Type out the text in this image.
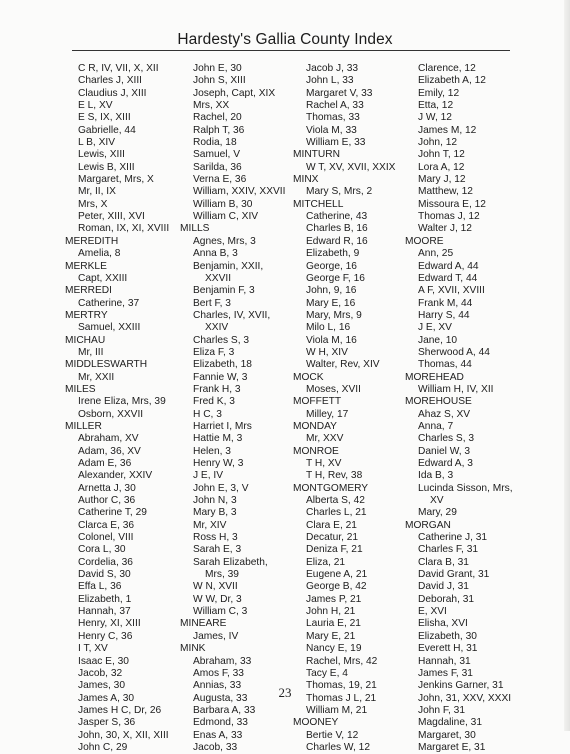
Hardesty's Gallia County Index
C R, IV, VII, X, XII
Charles J, XIII
Claudius J, XIII
E L, XV
E S, IX, XIII
Gabrielle, 44
L B, XIV
Lewis, XIII
Lewis B, XIII
Margaret, Mrs, X
Mr, II, IX
Mrs, X
Peter, XIII, XVI
Roman, IX, XI, XVIII
MEREDITH
Amelia, 8
MERKLE
Capt, XXIII
MERREDI
Catherine, 37
MERTRY
Samuel, XXIII
MICHAU
Mr, III
MIDDLESWARTH
Mr, XXII
MILES
Irene Eliza, Mrs, 39
Osborn, XXVII
MILLER
Abraham, XV
Adam, 36, XV
Adam E, 36
Alexander, XXIV
Arnetta J, 30
Author C, 36
Catherine T, 29
Clarca E, 36
Colonel, VIII
Cora L, 30
Cordelia, 36
David S, 30
Effa L, 36
Elizabeth, 1
Hannah, 37
Henry, XI, XIII
Henry C, 36
I T, XV
Isaac E, 30
Jacob, 32
James, 30
James A, 30
James H C, Dr, 26
Jasper S, 36
John, 30, X, XII, XIII
John C, 29
John E, 30
John S, XIII
Joseph, Capt, XIX
Mrs, XX
Rachel, 20
Ralph T, 36
Rodia, 18
Samuel, V
Sarilda, 36
Verna E, 36
William, XXIV, XXVII
William B, 30
William C, XIV
MILLS
Agnes, Mrs, 3
Anna B, 3
Benjamin, XXII,
XXVII
Benjamin F, 3
Bert F, 3
Charles, IV, XVII,
XXIV
Charles S, 3
Eliza F, 3
Elizabeth, 18
Fannie W, 3
Frank H, 3
Fred K, 3
H C, 3
Harriet I, Mrs
Hattie M, 3
Helen, 3
Henry W, 3
J E, IV
John E, 3, V
John N, 3
Mary B, 3
Mr, XIV
Ross H, 3
Sarah E, 3
Sarah Elizabeth,
Mrs, 39
W N, XVII
W W, Dr, 3
William C, 3
MINEARE
James, IV
MINK
Abraham, 33
Amos F, 33
Annias, 33
Augusta, 33
Barbara A, 33
Edmond, 33
Enas A, 33
Jacob, 33
Jacob J, 33
John L, 33
Margaret V, 33
Rachel A, 33
Thomas, 33
Viola M, 33
William E, 33
MINTURN
W T, XV, XVII, XXIX
MINX
Mary S, Mrs, 2
MITCHELL
Catherine, 43
Charles B, 16
Edward R, 16
Elizabeth, 9
George, 16
George F, 16
John, 9, 16
Mary E, 16
Mary, Mrs, 9
Milo L, 16
Viola M, 16
W H, XIV
Walter, Rev, XIV
MOCK
Moses, XVII
MOFFETT
Milley, 17
MONDAY
Mr, XXV
MONROE
T H, XV
T H, Rev, 38
MONTGOMERY
Alberta S, 42
Charles L, 21
Clara E, 21
Decatur, 21
Deniza F, 21
Eliza, 21
Eugene A, 21
George B, 42
James P, 21
John H, 21
Lauria E, 21
Mary E, 21
Nancy E, 19
Rachel, Mrs, 42
Tacy E, 4
Thomas, 19, 21
Thomas J L, 21
William M, 21
MOONEY
Bertie V, 12
Charles W, 12
Clarence, 12
Elizabeth A, 12
Emily, 12
Etta, 12
J W, 12
James M, 12
John, 12
John T, 12
Lora A, 12
Mary J, 12
Matthew, 12
Missoura E, 12
Thomas J, 12
Walter J, 12
MOORE
Ann, 25
Edward A, 44
Edward T, 44
A F, XVII, XVIII
Frank M, 44
Harry S, 44
J E, XV
Jane, 10
Sherwood A, 44
Thomas, 44
MOREHEAD
William H, IV, XII
MOREHOUSE
Ahaz S, XV
Anna, 7
Charles S, 3
Daniel W, 3
Edward A, 3
Ida B, 3
Lucinda Sisson, Mrs,
XV
Mary, 29
MORGAN
Catherine J, 31
Charles F, 31
Clara B, 31
David Grant, 31
David J, 31
Deborah, 31
E, XVI
Elisha, XVI
Elizabeth, 30
Everett H, 31
Hannah, 31
James F, 31
Jenkins Garner, 31
John, 31, XXV, XXXI
John F, 31
Magdaline, 31
Margaret, 30
Margaret E, 31
23
